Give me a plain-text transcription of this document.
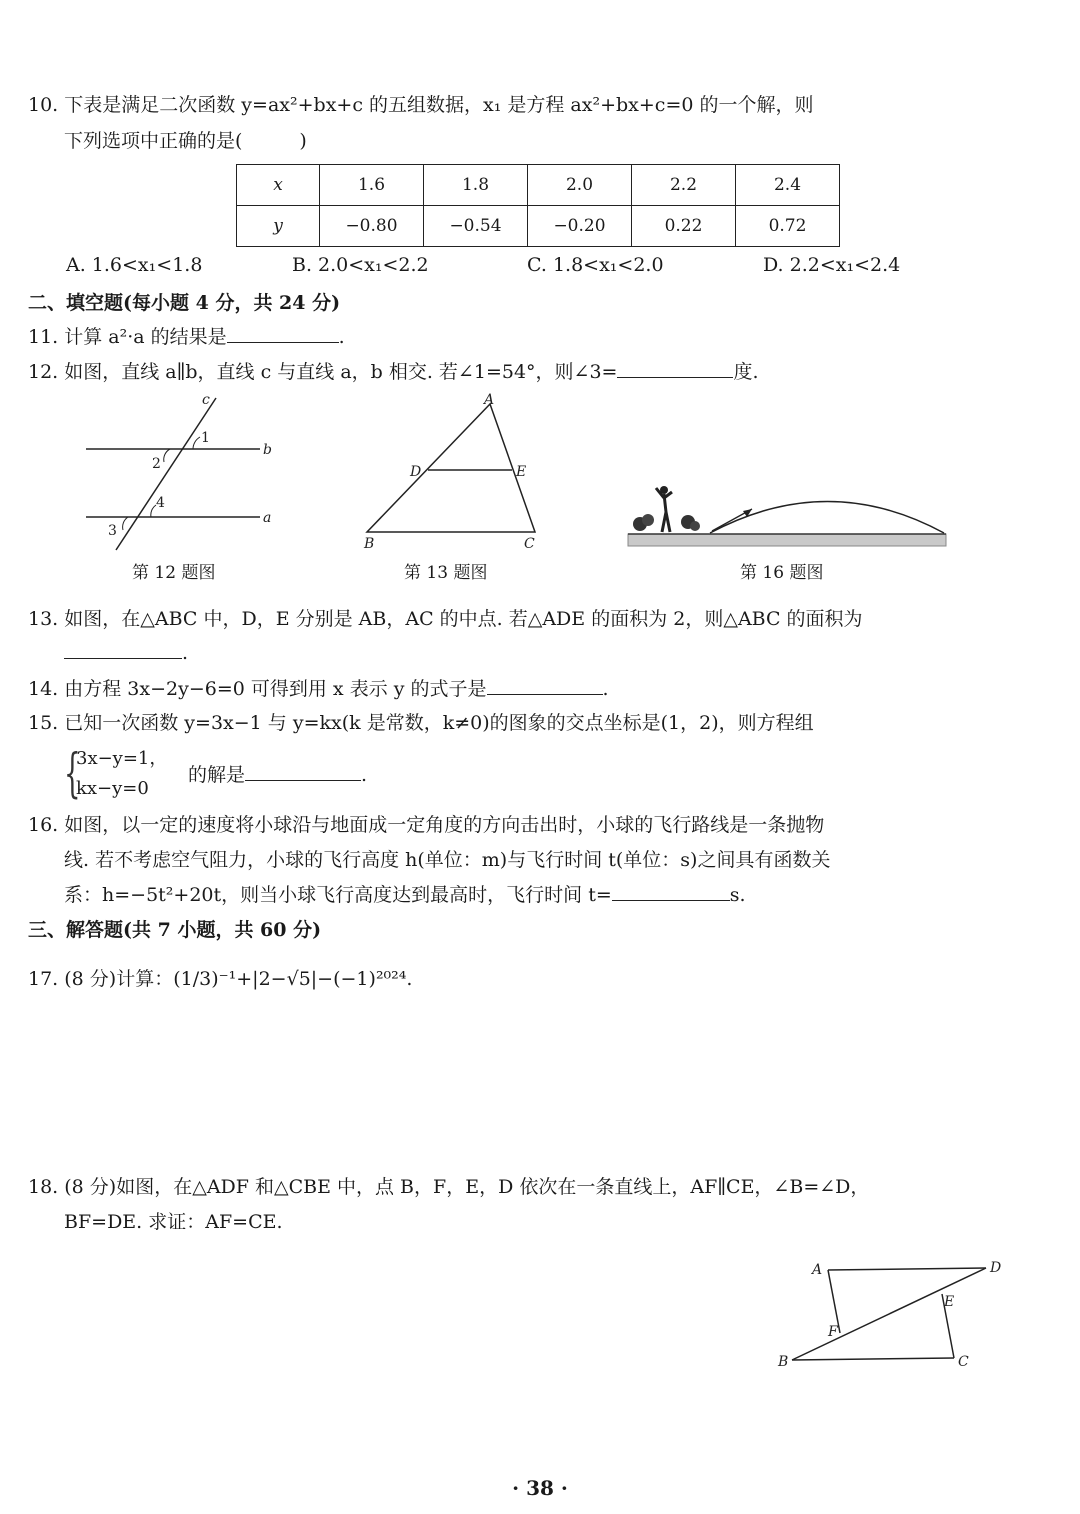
10. 下表是满足二次函数 y=ax²+bx+c 的五组数据，x₁ 是方程 ax²+bx+c=0 的一个解，则
下列选项中正确的是(　　　)
x	1.6	1.8	2.0	2.2	2.4
y	−0.80	−0.54	−0.20	0.22	0.72
A. 1.6<x₁<1.8	B. 2.0<x₁<2.2	C. 1.8<x₁<2.0	D. 2.2<x₁<2.4
二、填空题(每小题 4 分，共 24 分)
11. 计算 a²·a 的结果是	.
12. 如图，直线 a∥b，直线 c 与直线 a，b 相交. 若∠1=54°，则∠3=	度.
c
b
a
1
2
4
3
第 12 题图
A
B	C
D	E
第 13 题图	第 16 题图
13. 如图，在△ABC 中，D，E 分别是 AB，AC 的中点. 若△ADE 的面积为 2，则△ABC 的面积为
.
14. 由方程 3x−2y−6=0 可得到用 x 表示 y 的式子是	.
15. 已知一次函数 y=3x−1 与 y=kx(k 是常数，k≠0)的图象的交点坐标是(1，2)，则方程组
{
3x−y=1，
kx−y=0
的解是	.
16. 如图，以一定的速度将小球沿与地面成一定角度的方向击出时，小球的飞行路线是一条抛物
线. 若不考虑空气阻力，小球的飞行高度 h(单位：m)与飞行时间 t(单位：s)之间具有函数关
系：h=−5t²+20t，则当小球飞行高度达到最高时，飞行时间 t=	s.
三、解答题(共 7 小题，共 60 分)
17. (8 分)计算：(1/3)⁻¹+|2−√5|−(−1)²⁰²⁴.
18. (8 分)如图，在△ADF 和△CBE 中，点 B，F，E，D 依次在一条直线上，AF∥CE，∠B=∠D，
BF=DE. 求证：AF=CE.
A	D
E
F
B	C
· 38 ·
